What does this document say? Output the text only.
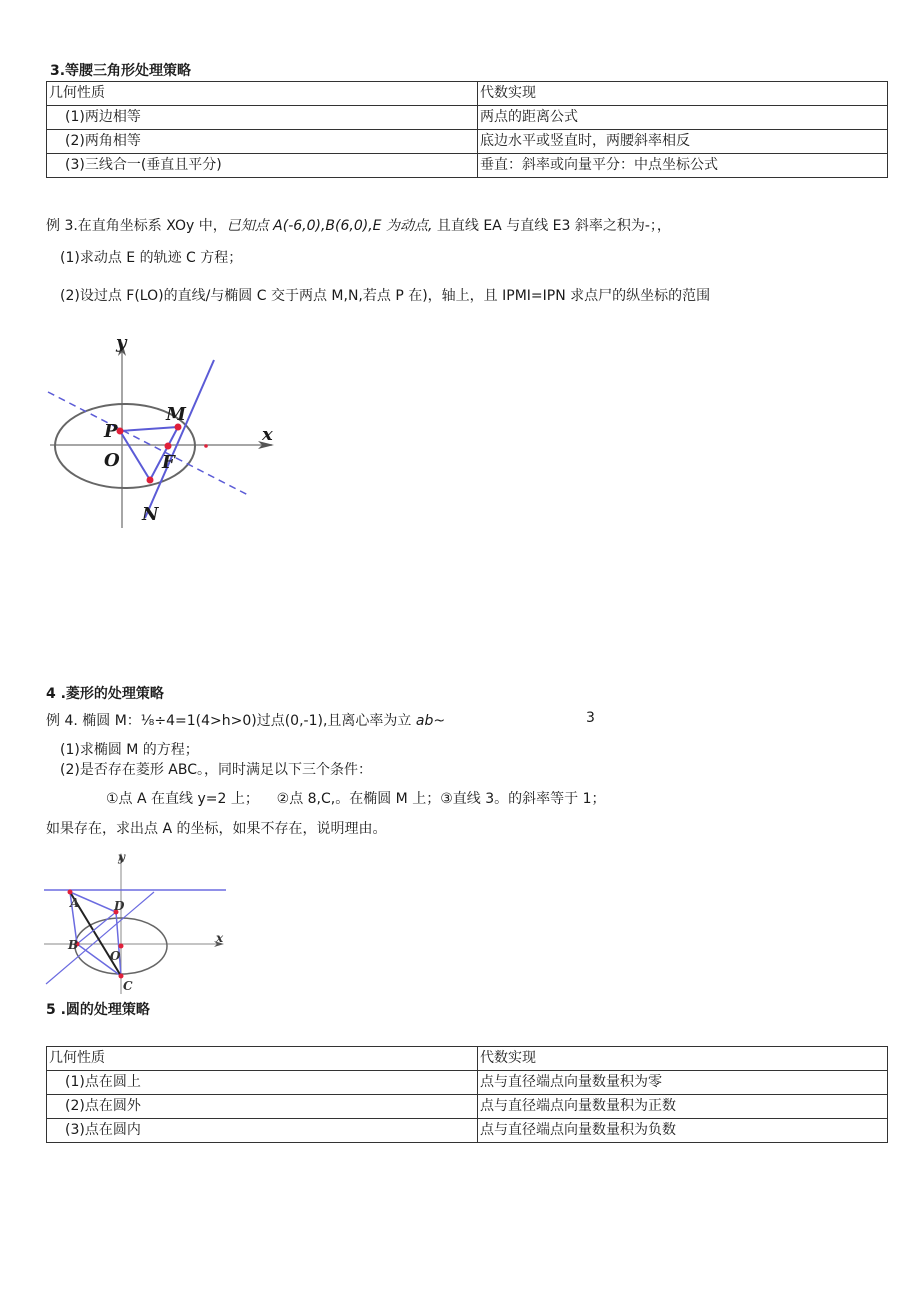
3.等腰三角形处理策略
几何性质	代数实现
(1)两边相等	两点的距离公式
(2)两角相等	底边水平或竖直时，两腰斜率相反
(3)三线合一(垂直且平分)	垂直：斜率或向量平分：中点坐标公式
例 3.在直角坐标系 XOy 中，已知点 A(-6,0),B(6,0),E 为动点, 且直线 EA 与直线 E3 斜率之积为-；，
(1)求动点 E 的轨迹 C 方程；
(2)设过点 F(LO)的直线/与椭圆 C 交于两点 M,N,若点 P 在)，轴上，且 IPMI=IPN 求点尸的纵坐标的范围
y
x
M
P
O F
N
4 .菱形的处理策略
例 4. 椭圆 M：⅛÷4=1(4>h>0)过点(0,-1),且离心率为立 ab~	3
(1)求椭圆 M 的方程；
(2)是否存在菱形 ABC。，同时满足以下三个条件：
①点 A 在直线 y=2 上；    ②点 8,C,。在椭圆 M 上；③直线 3。的斜率等于 1；
如果存在，求出点 A 的坐标，如果不存在，说明理由。
y
x
A	D
B
O
C
5 .圆的处理策略
几何性质	代数实现
(1)点在圆上	点与直径端点向量数量积为零
(2)点在圆外	点与直径端点向量数量积为正数
(3)点在圆内	点与直径端点向量数量积为负数
